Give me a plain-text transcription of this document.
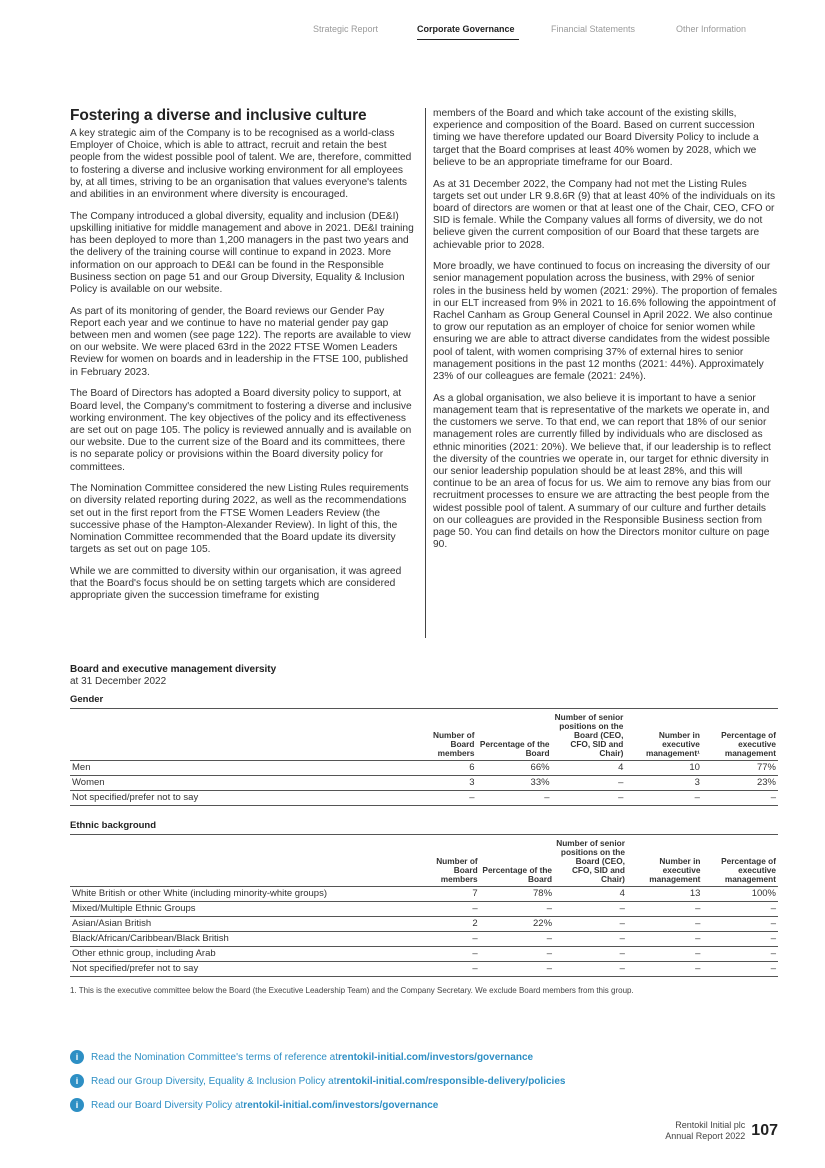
Strategic Report	Corporate Governance	Financial Statements	Other Information
Fostering a diverse and inclusive culture

A key strategic aim of the Company is to be recognised as a world-class Employer of Choice, which is able to attract, recruit and retain the best people from the widest possible pool of talent. We are, therefore, committed to fostering a diverse and inclusive working environment for all employees by, at all times, striving to be an organisation that values everyone's talents and abilities in an environment where diversity is encouraged.

The Company introduced a global diversity, equality and inclusion (DE&I) upskilling initiative for middle management and above in 2021. DE&I training has been deployed to more than 1,200 managers in the past two years and the delivery of the training course will continue to expand in 2023. More information on our approach to DE&I can be found in the Responsible Business section on page 51 and our Group Diversity, Equality & Inclusion Policy is available on our website.

As part of its monitoring of gender, the Board reviews our Gender Pay Report each year and we continue to have no material gender pay gap between men and women (see page 122). The reports are available to view on our website. We were placed 63rd in the 2022 FTSE Women Leaders Review for women on boards and in leadership in the FTSE 100, published in February 2023.

The Board of Directors has adopted a Board diversity policy to support, at Board level, the Company's commitment to fostering a diverse and inclusive working environment. The key objectives of the policy and its effectiveness are set out on page 105. The policy is reviewed annually and is available on our website. Due to the current size of the Board and its committees, there is no separate policy or provisions within the Board diversity policy for committees.

The Nomination Committee considered the new Listing Rules requirements on diversity related reporting during 2022, as well as the recommendations set out in the first report from the FTSE Women Leaders Review (the successive phase of the Hampton-Alexander Review). In light of this, the Nomination Committee recommended that the Board update its diversity targets as set out on page 105.

While we are committed to diversity within our organisation, it was agreed that the Board's focus should be on setting targets which are considered appropriate given the succession timeframe for existing

members of the Board and which take account of the existing skills, experience and composition of the Board. Based on current succession timing we have therefore updated our Board Diversity Policy to include a target that the Board comprises at least 40% women by 2028, which we believe to be an appropriate timeframe for our Board.

As at 31 December 2022, the Company had not met the Listing Rules targets set out under LR 9.8.6R (9) that at least 40% of the individuals on its board of directors are women or that at least one of the Chair, CEO, CFO or SID is female. While the Company values all forms of diversity, we do not believe given the current composition of our Board that these targets are achievable prior to 2028.

More broadly, we have continued to focus on increasing the diversity of our senior management population across the business, with 29% of senior roles in the business held by women (2021: 29%). The proportion of females in our ELT increased from 9% in 2021 to 16.6% following the appointment of Rachel Canham as Group General Counsel in April 2022. We also continue to grow our reputation as an employer of choice for senior women while ensuring we are able to attract diverse candidates from the widest possible pool of talent, with women comprising 37% of external hires to senior management positions in the past 12 months (2021: 44%). Approximately 23% of our colleagues are female (2021: 24%).

As a global organisation, we also believe it is important to have a senior management team that is representative of the markets we operate in, and the customers we serve. To that end, we can report that 18% of our senior management roles are currently filled by individuals who are disclosed as ethnic minorities (2021: 20%). We believe that, if our leadership is to reflect the diversity of the countries we operate in, our target for ethnic diversity in our senior leadership population should be at least 28%, and this will continue to be an area of focus for us. We aim to remove any bias from our recruitment processes to ensure we are attracting the best people from the widest possible pool of talent. A summary of our culture and further details on our colleagues are provided in the Responsible Business section from page 50. You can find details on how the Directors monitor culture on page 90.

Board and executive management diversity
at 31 December 2022
Gender
	Number of Board members	Percentage of the Board	Number of senior positions on the Board (CEO, CFO, SID and Chair)	Number in executive management¹	Percentage of executive management
Men	6	66%	4	10	77%
Women	3	33%	–	3	23%
Not specified/prefer not to say	–	–	–	–	–
Ethnic background
	Number of Board members	Percentage of the Board	Number of senior positions on the Board (CEO, CFO, SID and Chair)	Number in executive management	Percentage of executive management
White British or other White (including minority-white groups)	7	78%	4	13	100%
Mixed/Multiple Ethnic Groups	–	–	–	–	–
Asian/Asian British	2	22%	–	–	–
Black/African/Caribbean/Black British	–	–	–	–	–
Other ethnic group, including Arab	–	–	–	–	–
Not specified/prefer not to say	–	–	–	–	–
1. This is the executive committee below the Board (the Executive Leadership Team) and the Company Secretary. We exclude Board members from this group.
i	Read the Nomination Committee's terms of reference at rentokil-initial.com/investors/governance
i	Read our Group Diversity, Equality & Inclusion Policy at rentokil-initial.com/responsible-delivery/policies
i	Read our Board Diversity Policy at rentokil-initial.com/investors/governance
Rentokil Initial plc
Annual Report 2022 107
